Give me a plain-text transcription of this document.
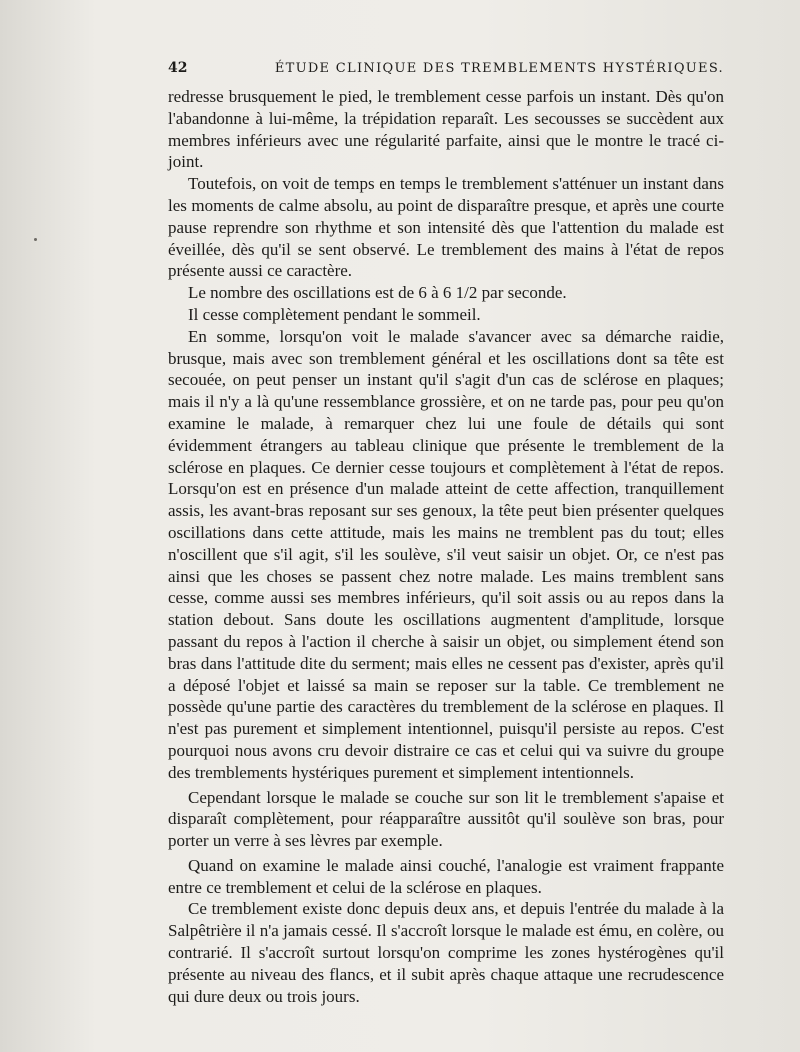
42	ÉTUDE CLINIQUE DES TREMBLEMENTS HYSTÉRIQUES.

redresse brusquement le pied, le tremblement cesse parfois un instant. Dès qu'on l'abandonne à lui-même, la trépidation reparaît. Les secousses se succèdent aux membres inférieurs avec une régularité parfaite, ainsi que le montre le tracé ci-joint.

Toutefois, on voit de temps en temps le tremblement s'atténuer un instant dans les moments de calme absolu, au point de disparaître presque, et après une courte pause reprendre son rhythme et son intensité dès que l'attention du malade est éveillée, dès qu'il se sent observé. Le tremblement des mains à l'état de repos présente aussi ce caractère.

Le nombre des oscillations est de 6 à 6 1/2 par seconde.

Il cesse complètement pendant le sommeil.

En somme, lorsqu'on voit le malade s'avancer avec sa démarche raidie, brusque, mais avec son tremblement général et les oscillations dont sa tête est secouée, on peut penser un instant qu'il s'agit d'un cas de sclérose en plaques; mais il n'y a là qu'une ressemblance grossière, et on ne tarde pas, pour peu qu'on examine le malade, à remarquer chez lui une foule de détails qui sont évidemment étrangers au tableau clinique que présente le tremblement de la sclérose en plaques. Ce dernier cesse toujours et complètement à l'état de repos. Lorsqu'on est en présence d'un malade atteint de cette affection, tranquillement assis, les avant-bras reposant sur ses genoux, la tête peut bien présenter quelques oscillations dans cette attitude, mais les mains ne tremblent pas du tout; elles n'oscillent que s'il agit, s'il les soulève, s'il veut saisir un objet. Or, ce n'est pas ainsi que les choses se passent chez notre malade. Les mains tremblent sans cesse, comme aussi ses membres inférieurs, qu'il soit assis ou au repos dans la station debout. Sans doute les oscillations augmentent d'amplitude, lorsque passant du repos à l'action il cherche à saisir un objet, ou simplement étend son bras dans l'attitude dite du serment; mais elles ne cessent pas d'exister, après qu'il a déposé l'objet et laissé sa main se reposer sur la table. Ce tremblement ne possède qu'une partie des caractères du tremblement de la sclérose en plaques. Il n'est pas purement et simplement intentionnel, puisqu'il persiste au repos. C'est pourquoi nous avons cru devoir distraire ce cas et celui qui va suivre du groupe des tremblements hystériques purement et simplement intentionnels.

Cependant lorsque le malade se couche sur son lit le tremblement s'apaise et disparaît complètement, pour réapparaître aussitôt qu'il soulève son bras, pour porter un verre à ses lèvres par exemple.

Quand on examine le malade ainsi couché, l'analogie est vraiment frappante entre ce tremblement et celui de la sclérose en plaques.

Ce tremblement existe donc depuis deux ans, et depuis l'entrée du malade à la Salpêtrière il n'a jamais cessé. Il s'accroît lorsque le malade est ému, en colère, ou contrarié. Il s'accroît surtout lorsqu'on comprime les zones hystérogènes qu'il présente au niveau des flancs, et il subit après chaque attaque une recrudescence qui dure deux ou trois jours.
